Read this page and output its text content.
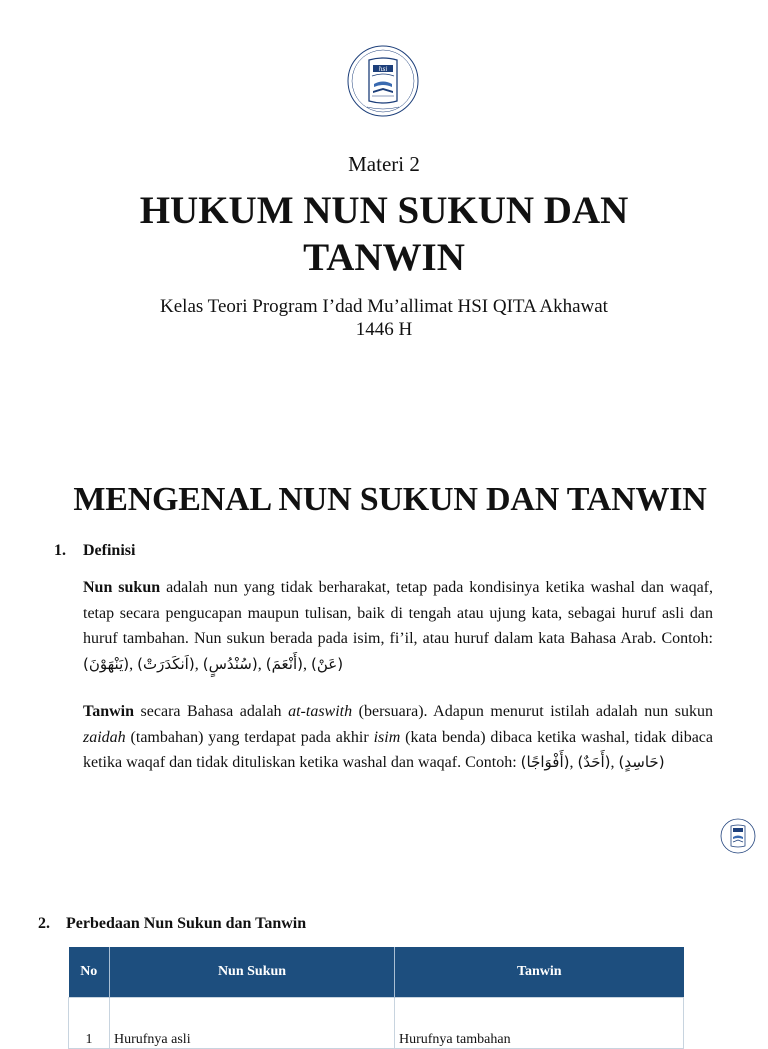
hsi
Materi 2
HUKUM NUN SUKUN DAN
TANWIN
Kelas Teori Program I’dad Mu’allimat HSI QITA Akhawat
1446 H
MENGENAL NUN SUKUN DAN TANWIN
1. Definisi

Nun sukun adalah nun yang tidak berharakat, tetap pada kondisinya ketika washal dan waqaf, tetap secara pengucapan maupun tulisan, baik di tengah atau ujung kata, sebagai huruf asli dan huruf tambahan. Nun sukun berada pada isim, fi’il, atau huruf dalam kata Bahasa Arab. Contoh: (يَنْهَوْنَ), (اَنكَدَرَتْ), (سُنْدُسٍ), (أَنْعَمَ), (عَنْ)

Tanwin secara Bahasa adalah at-taswith (bersuara). Adapun menurut istilah adalah nun sukun zaidah (tambahan) yang terdapat pada akhir isim (kata benda) dibaca ketika washal, tidak dibaca ketika waqaf dan tidak dituliskan ketika washal dan waqaf. Contoh: (أَفْوَاجًا), (أَحَدٌ), (حَاسِدٍ)

2. Perbedaan Nun Sukun dan Tanwin
No	Nun Sukun	Tanwin
1	Hurufnya asli	Hurufnya tambahan
